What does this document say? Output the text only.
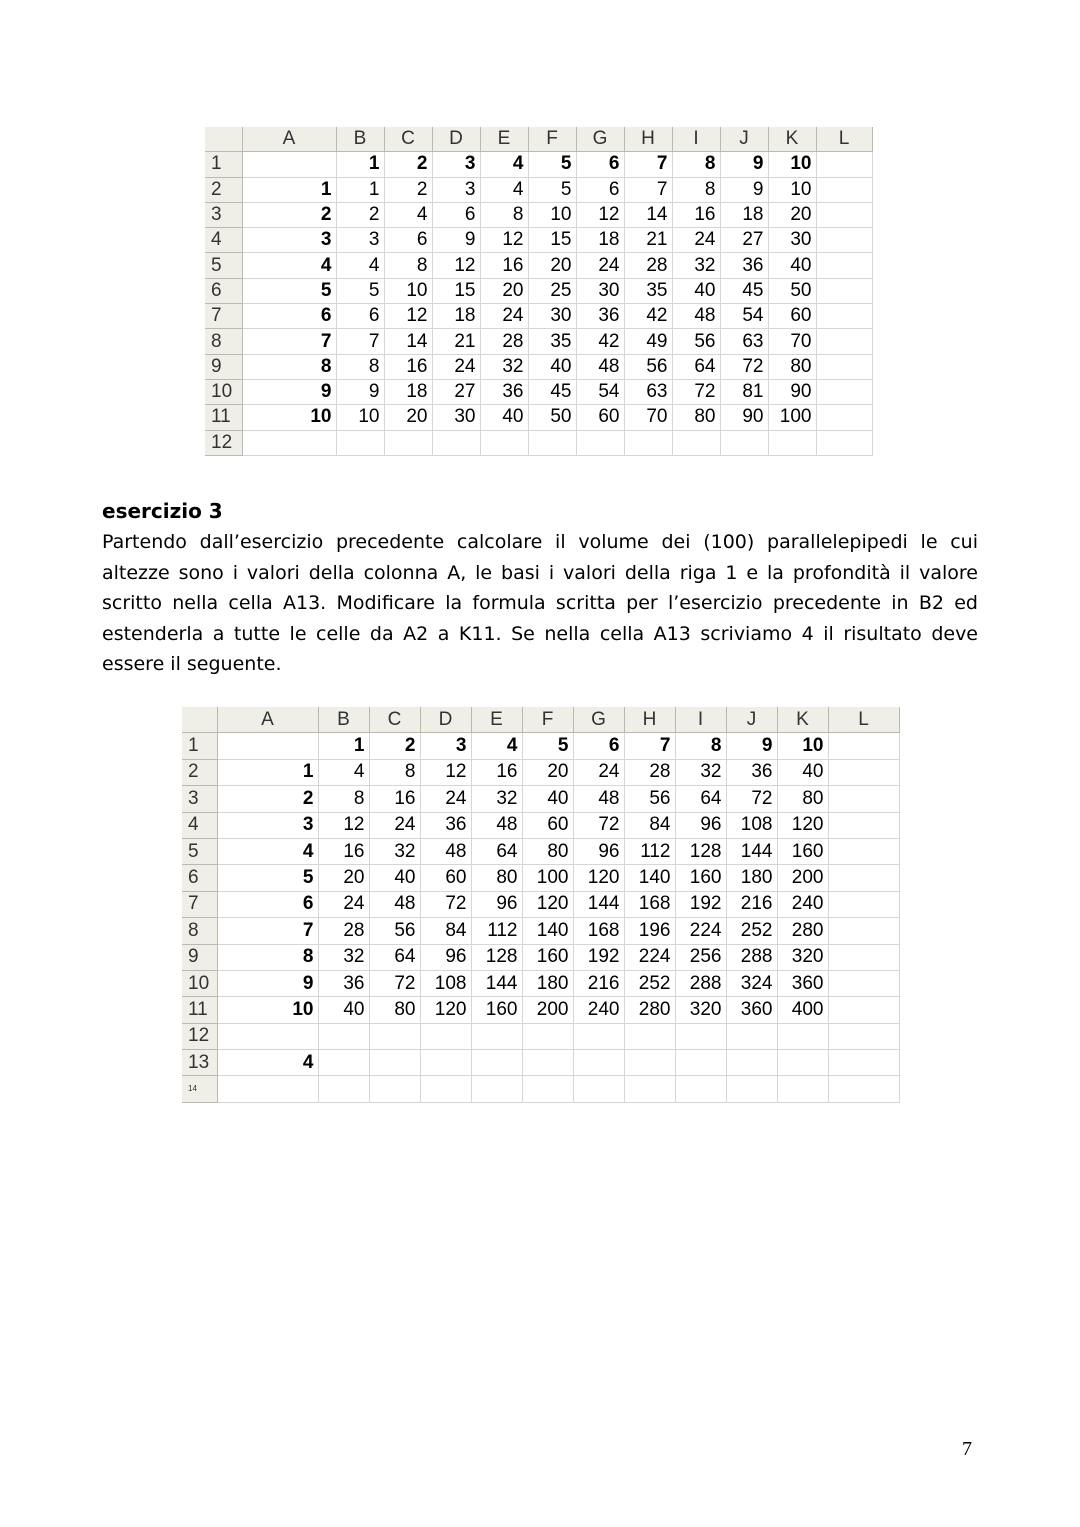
	A	B	C	D	E	F	G	H	I	J	K	L
1		1	2	3	4	5	6	7	8	9	10	
2	1	1	2	3	4	5	6	7	8	9	10	
3	2	2	4	6	8	10	12	14	16	18	20	
4	3	3	6	9	12	15	18	21	24	27	30	
5	4	4	8	12	16	20	24	28	32	36	40	
6	5	5	10	15	20	25	30	35	40	45	50	
7	6	6	12	18	24	30	36	42	48	54	60	
8	7	7	14	21	28	35	42	49	56	63	70	
9	8	8	16	24	32	40	48	56	64	72	80	
10	9	9	18	27	36	45	54	63	72	81	90	
11	10	10	20	30	40	50	60	70	80	90	100	
12												

esercizio 3

Partendo dall’esercizio precedente calcolare il volume dei (100) parallelepipedi le cui altezze sono i valori della colonna A, le basi i valori della riga 1 e la profondità il valore scritto nella cella A13. Modificare la formula scritta per l’esercizio precedente in B2 ed estenderla a tutte le celle da A2 a K11. Se nella cella A13 scriviamo 4 il risultato deve essere il seguente.

	A	B	C	D	E	F	G	H	I	J	K	L
1		1	2	3	4	5	6	7	8	9	10	
2	1	4	8	12	16	20	24	28	32	36	40	
3	2	8	16	24	32	40	48	56	64	72	80	
4	3	12	24	36	48	60	72	84	96	108	120	
5	4	16	32	48	64	80	96	112	128	144	160	
6	5	20	40	60	80	100	120	140	160	180	200	
7	6	24	48	72	96	120	144	168	192	216	240	
8	7	28	56	84	112	140	168	196	224	252	280	
9	8	32	64	96	128	160	192	224	256	288	320	
10	9	36	72	108	144	180	216	252	288	324	360	
11	10	40	80	120	160	200	240	280	320	360	400	
12												
13	4											
14												
7
